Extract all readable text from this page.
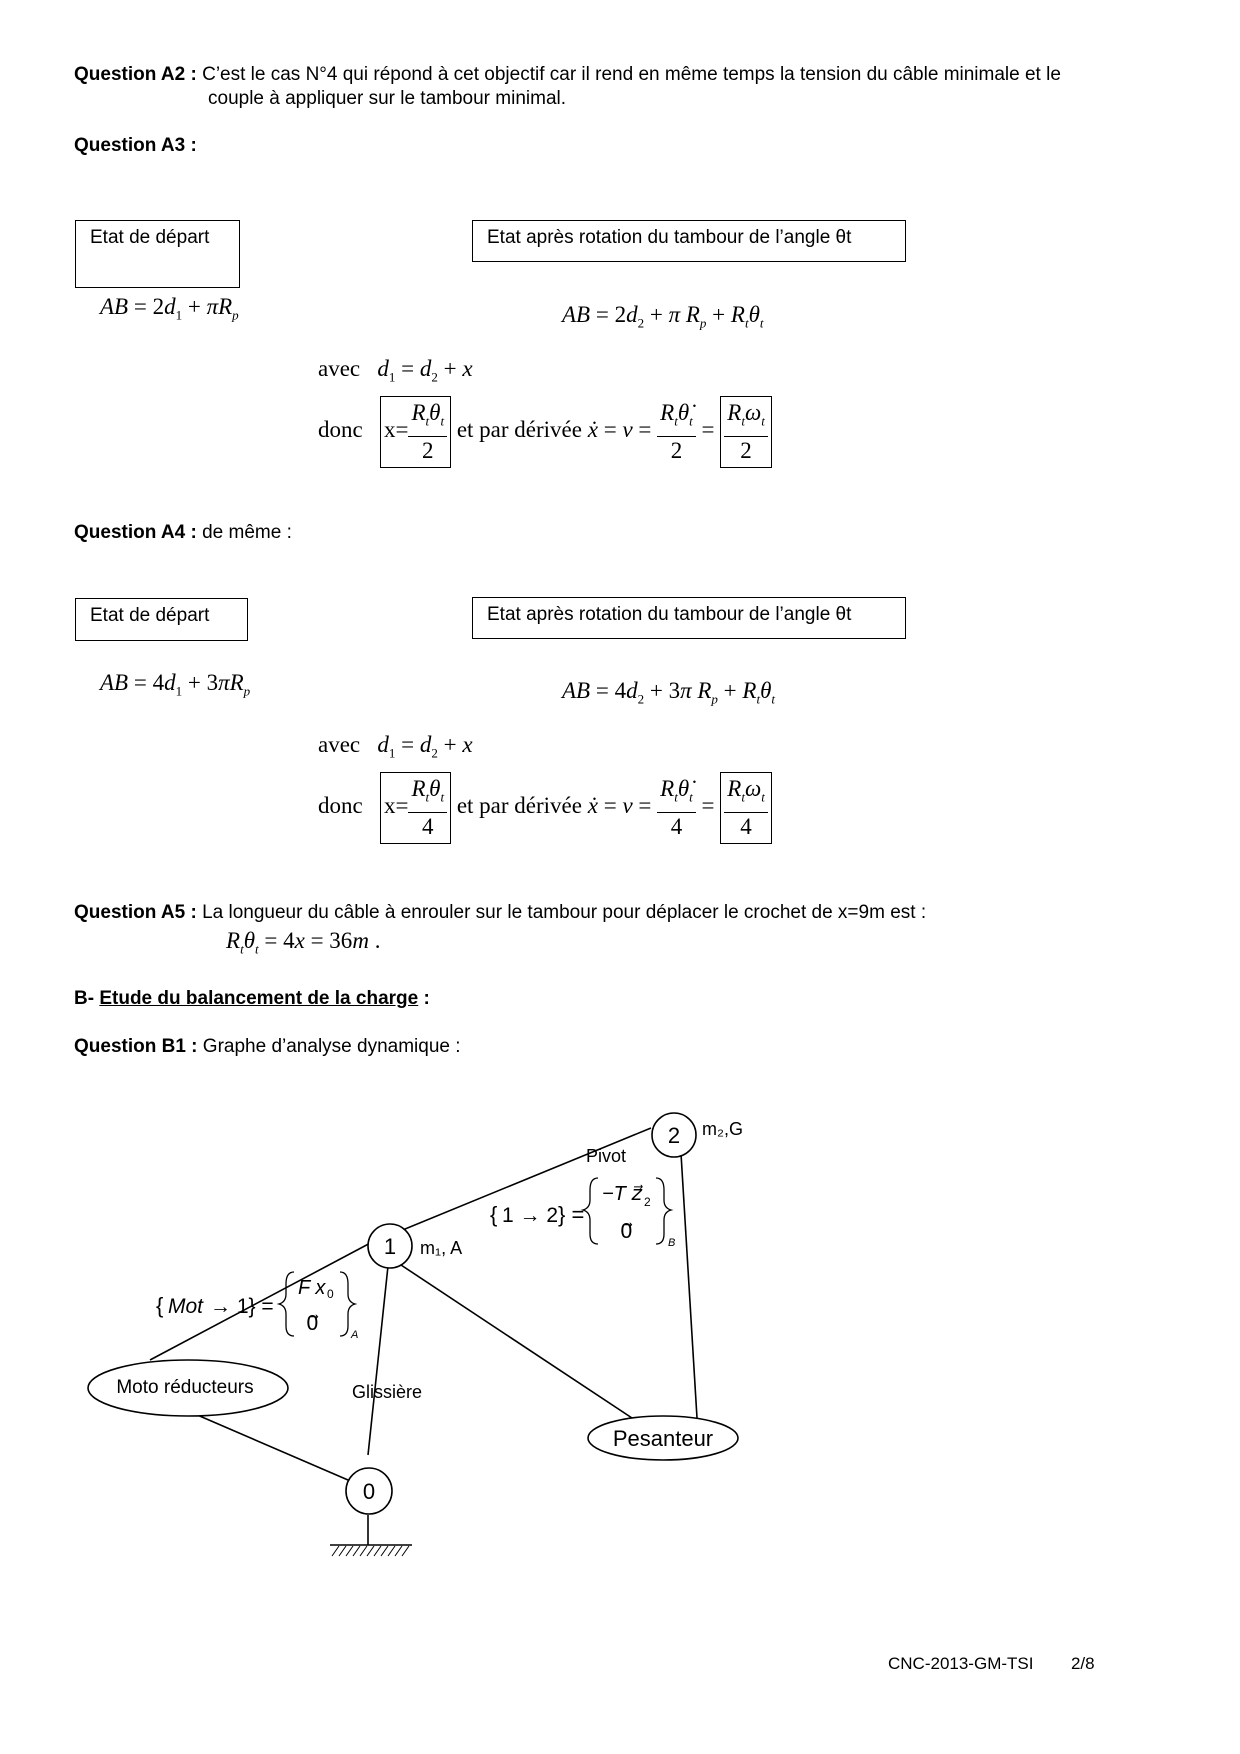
Question A2 : C’est le cas N°4 qui répond à cet objectif car il rend en même temps la tension du câble minimale et le
couple à appliquer sur le tambour minimal.
Question A3 :
Etat de départ	Etat après rotation du tambour de l’angle θt
AB = $2d_1 + \pi R_p$	AB = $2d_2 + \pi$ $R_p + R_t\theta_t$
avec $d_1 = d_2 + x$
donc $x= \frac{R_t\theta_t}{2}$ et par dérivée ẋ = $v = \frac{R_t\thetȧ_t}{2} = \frac{R_t\omega_t}{2}$
Question A4 : de même :
Etat de départ	Etat après rotation du tambour de l’angle θt
AB = $4d_1 + 3\pi R_p$	AB = $4d_2 + 3\pi$ $R_p + R_t\theta_t$
avec $d_1 = d_2 + x$
donc $x= \frac{R_t\theta_t}{4}$ et par dérivée ẋ = $v = \frac{R_t\thetȧ_t}{4} = \frac{R_t\omega_t}{4}$
Question A5 : La longueur du câble à enrouler sur le tambour pour déplacer le crochet de x=9m est :
$R_t\theta_t = 4x = 36m$ .
B- Etude du balancement de la charge :
Question B1 : Graphe d’analyse dynamique :
2
1
0
Moto réducteurs
Pesanteur
m₂,G
m₁, A
Pivot
Glissière
{ 1 → 2 } =
−T z⃗ 2
0⃗	B
{ Mot → 1} =
F x 0
0⃗	A
CNC-2013-GM-TSI 2/8
